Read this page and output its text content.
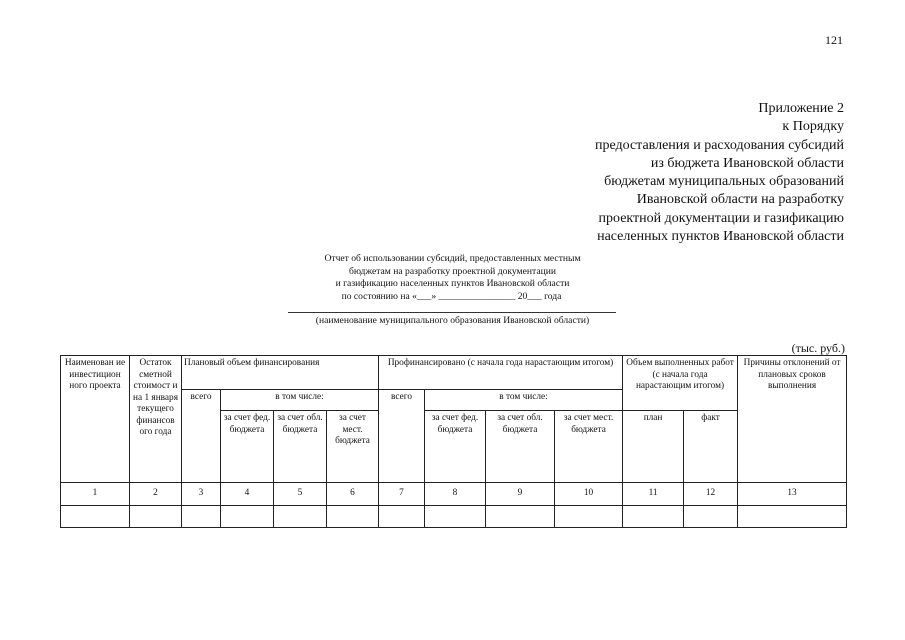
121
Приложение 2
к Порядку
предоставления и расходования субсидий
из бюджета Ивановской области
бюджетам муниципальных образований
Ивановской области на разработку
проектной документации и газификацию
населенных пунктов Ивановской области
Отчет об использовании субсидий, предоставленных местным
бюджетам на разработку проектной документации
и газификацию населенных пунктов Ивановской области
по состоянию на «___» ________________ 20___ года
(наименование муниципального образования Ивановской области)
(тыс. руб.)
Наименован ие инвестицион ного проекта	Остаток сметной стоимост и на 1 января текущего финансов ого года	Плановый объем финансирования				Профинансировано (с начала года нарастающим итогом)				Объем выполненных работ (с начала года нарастающим итогом)		Причины отклонений от плановых сроков выполнения
		всего	в том числе:			всего	в том числе:					
			за счет фед. бюджета	за счет обл. бюджета	за счет мест. бюджета		за счет фед. бюджета	за счет обл. бюджета	за счет мест. бюджета	план	факт	
1	2	3	4	5	6	7	8	9	10	11	12	13
